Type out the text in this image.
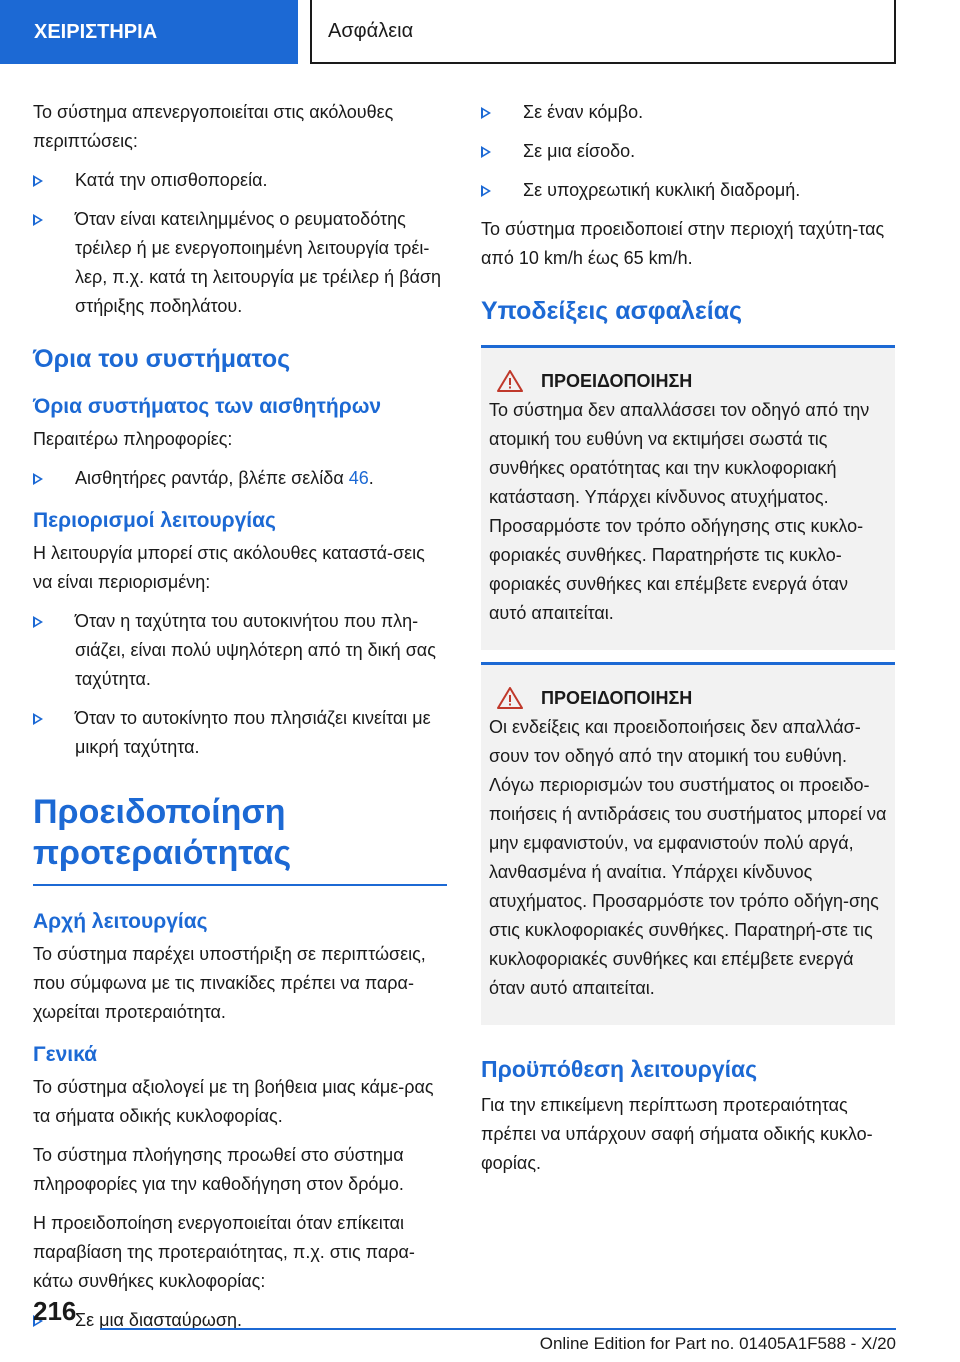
ΧΕΙΡΙΣΤΗΡΙΑ	Ασφάλεια

Το σύστημα απενεργοποιείται στις ακόλουθες περιπτώσεις:

Κατά την οπισθοπορεία.
Όταν είναι κατειλημμένος ο ρευματοδότης τρέιλερ ή με ενεργοποιημένη λειτουργία τρέι-λερ, π.χ. κατά τη λειτουργία με τρέιλερ ή βάση στήριξης ποδηλάτου.
Όρια του συστήματος
Όρια συστήματος των αισθητήρων

Περαιτέρω πληροφορίες:

Αισθητήρες ραντάρ, βλέπε σελίδα 46.
Περιορισμοί λειτουργίας

Η λειτουργία μπορεί στις ακόλουθες καταστά-σεις να είναι περιορισμένη:

Όταν η ταχύτητα του αυτοκινήτου που πλη-σιάζει, είναι πολύ υψηλότερη από τη δική σας ταχύτητα.
Όταν το αυτοκίνητο που πλησιάζει κινείται με μικρή ταχύτητα.
Προειδοποίηση
προτεραιότητας
Αρχή λειτουργίας

Το σύστημα παρέχει υποστήριξη σε περιπτώσεις, που σύμφωνα με τις πινακίδες πρέπει να παρα-χωρείται προτεραιότητα.

Γενικά

Το σύστημα αξιολογεί με τη βοήθεια μιας κάμε-ρας τα σήματα οδικής κυκλοφορίας.

Το σύστημα πλοήγησης προωθεί στο σύστημα πληροφορίες για την καθοδήγηση στον δρόμο.

Η προειδοποίηση ενεργοποιείται όταν επίκειται παραβίαση της προτεραιότητας, π.χ. στις παρα-κάτω συνθήκες κυκλοφορίας:

Σε μια διασταύρωση.
Σε έναν κόμβο.
Σε μια είσοδο.
Σε υποχρεωτική κυκλική διαδρομή.

Το σύστημα προειδοποιεί στην περιοχή ταχύτη-τας από 10 km/h έως 65 km/h.

Υποδείξεις ασφαλείας
ΠΡΟΕΙΔΟΠΟΙΗΣΗ

Το σύστημα δεν απαλλάσσει τον οδηγό από την ατομική του ευθύνη να εκτιμήσει σωστά τις συνθήκες ορατότητας και την κυκλοφοριακή κατάσταση. Υπάρχει κίνδυνος ατυχήματος. Προσαρμόστε τον τρόπο οδήγησης στις κυκλο-φοριακές συνθήκες. Παρατηρήστε τις κυκλο-φοριακές συνθήκες και επέμβετε ενεργά όταν αυτό απαιτείται.

ΠΡΟΕΙΔΟΠΟΙΗΣΗ

Οι ενδείξεις και προειδοποιήσεις δεν απαλλάσ-σουν τον οδηγό από την ατομική του ευθύνη. Λόγω περιορισμών του συστήματος οι προειδο-ποιήσεις ή αντιδράσεις του συστήματος μπορεί να μην εμφανιστούν, να εμφανιστούν πολύ αργά, λανθασμένα ή αναίτια. Υπάρχει κίνδυνος ατυχήματος. Προσαρμόστε τον τρόπο οδήγη-σης στις κυκλοφοριακές συνθήκες. Παρατηρή-στε τις κυκλοφοριακές συνθήκες και επέμβετε ενεργά όταν αυτό απαιτείται.

Προϋπόθεση λειτουργίας

Για την επικείμενη περίπτωση προτεραιότητας πρέπει να υπάρχουν σαφή σήματα οδικής κυκλο-φορίας.

216
Online Edition for Part no. 01405A1F588 - X/20
